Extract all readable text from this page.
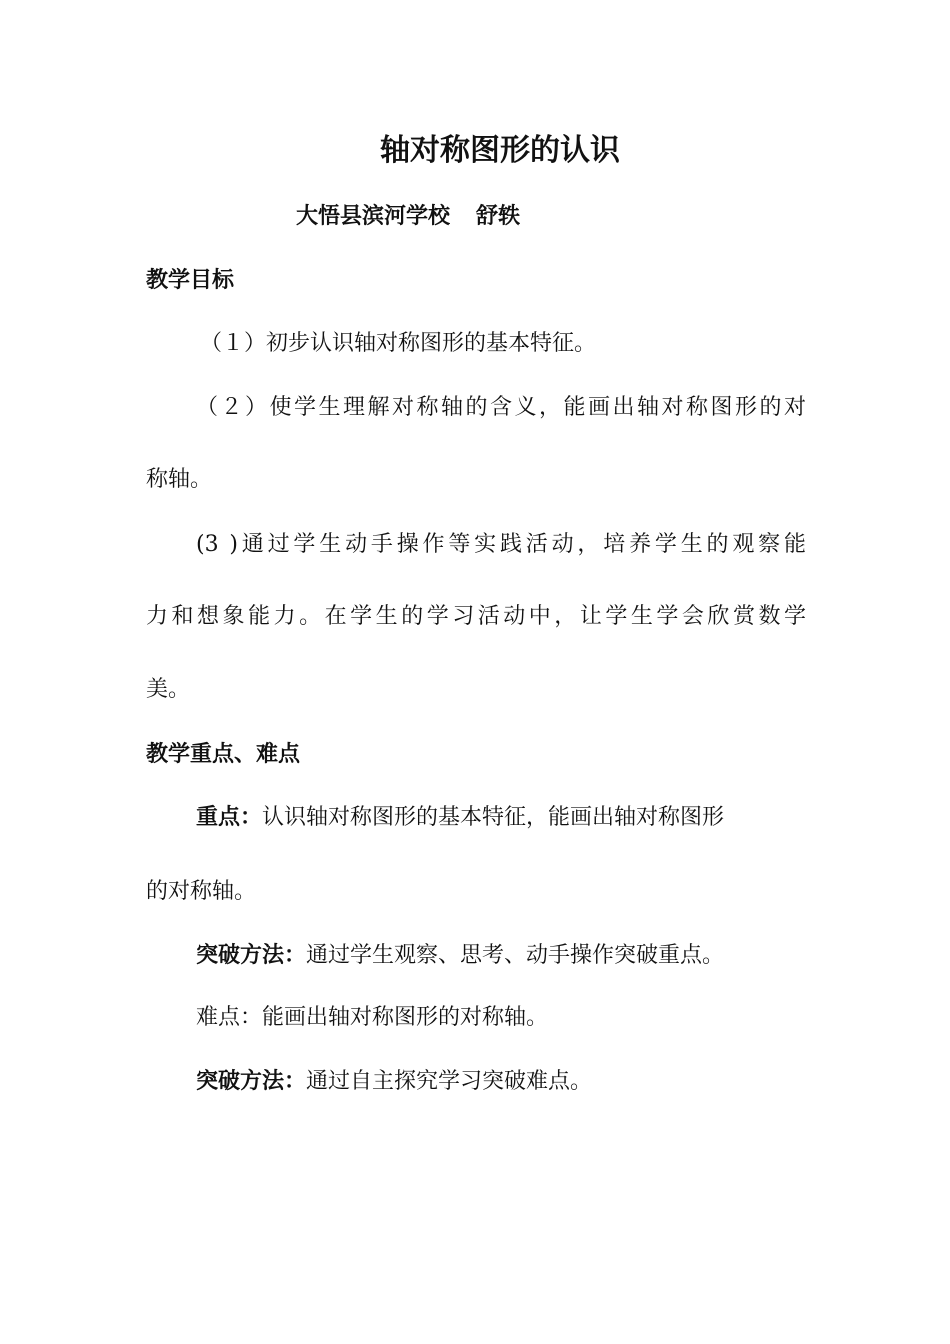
轴对称图形的认识
大悟县滨河学校 舒轶
教学目标
（１）初步认识轴对称图形的基本特征。
（２）使学生理解对称轴的含义，能画出轴对称图形的对
称轴。
(3 )通过学生动手操作等实践活动，培养学生的观察能
力和想象能力。在学生的学习活动中，让学生学会欣赏数学
美。
教学重点、难点
重点：认识轴对称图形的基本特征，能画出轴对称图形
的对称轴。
突破方法：通过学生观察、思考、动手操作突破重点。
难点：能画出轴对称图形的对称轴。
突破方法：通过自主探究学习突破难点。
